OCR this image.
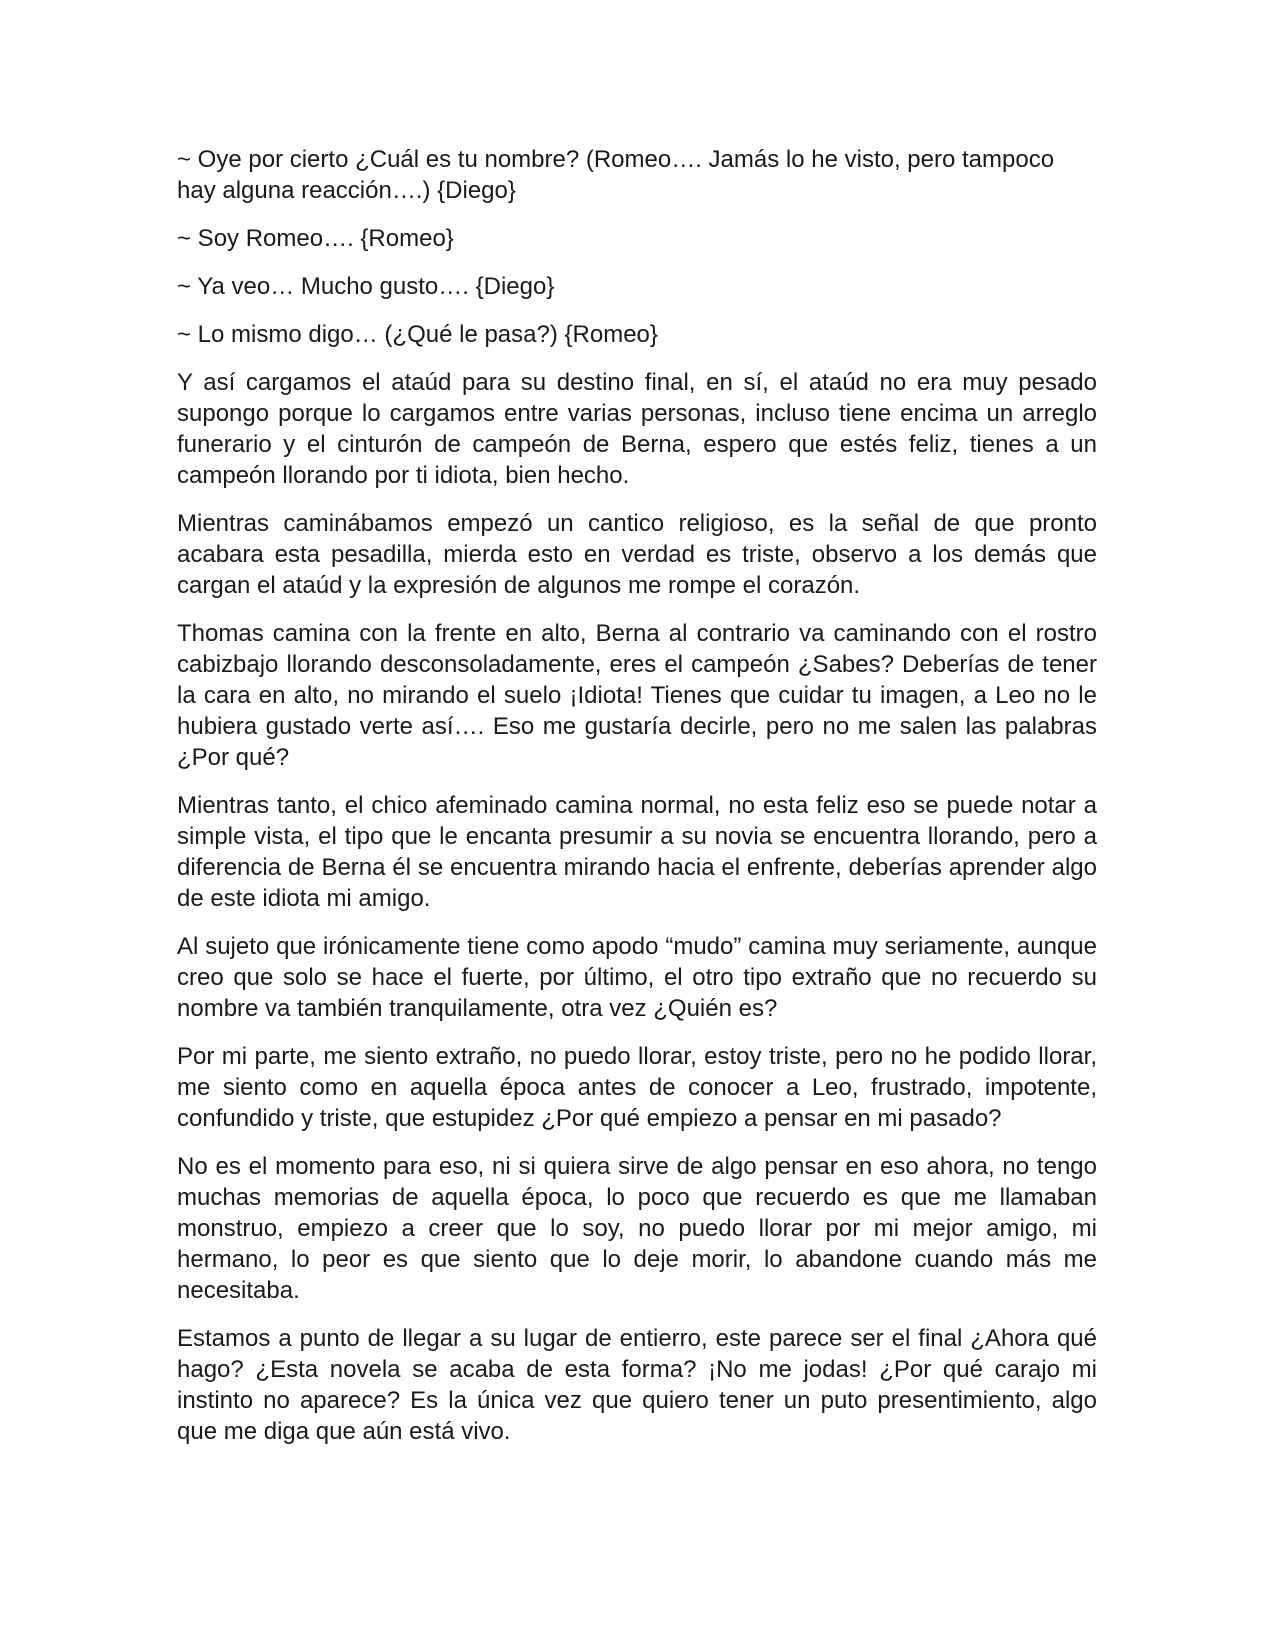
~ Oye por cierto ¿Cuál es tu nombre? (Romeo…. Jamás lo he visto, pero tampoco hay alguna reacción….) {Diego}

~ Soy Romeo…. {Romeo}

~ Ya veo… Mucho gusto…. {Diego}

~ Lo mismo digo… (¿Qué le pasa?) {Romeo}

Y así cargamos el ataúd para su destino final, en sí, el ataúd no era muy pesado supongo porque lo cargamos entre varias personas, incluso tiene encima un arreglo funerario y el cinturón de campeón de Berna, espero que estés feliz, tienes a un campeón llorando por ti idiota, bien hecho.

Mientras caminábamos empezó un cantico religioso, es la señal de que pronto acabara esta pesadilla, mierda esto en verdad es triste, observo a los demás que cargan el ataúd y la expresión de algunos me rompe el corazón.

Thomas camina con la frente en alto, Berna al contrario va caminando con el rostro cabizbajo llorando desconsoladamente, eres el campeón ¿Sabes? Deberías de tener la cara en alto, no mirando el suelo ¡Idiota! Tienes que cuidar tu imagen, a Leo no le hubiera gustado verte así…. Eso me gustaría decirle, pero no me salen las palabras ¿Por qué?

Mientras tanto, el chico afeminado camina normal, no esta feliz eso se puede notar a simple vista, el tipo que le encanta presumir a su novia se encuentra llorando, pero a diferencia de Berna él se encuentra mirando hacia el enfrente, deberías aprender algo de este idiota mi amigo.

Al sujeto que irónicamente tiene como apodo “mudo” camina muy seriamente, aunque creo que solo se hace el fuerte, por último, el otro tipo extraño que no recuerdo su nombre va también tranquilamente, otra vez ¿Quién es?

Por mi parte, me siento extraño, no puedo llorar, estoy triste, pero no he podido llorar, me siento como en aquella época antes de conocer a Leo, frustrado, impotente, confundido y triste, que estupidez ¿Por qué empiezo a pensar en mi pasado?

No es el momento para eso, ni si quiera sirve de algo pensar en eso ahora, no tengo muchas memorias de aquella época, lo poco que recuerdo es que me llamaban monstruo, empiezo a creer que lo soy, no puedo llorar por mi mejor amigo, mi hermano, lo peor es que siento que lo deje morir, lo abandone cuando más me necesitaba.

Estamos a punto de llegar a su lugar de entierro, este parece ser el final ¿Ahora qué hago? ¿Esta novela se acaba de esta forma? ¡No me jodas! ¿Por qué carajo mi instinto no aparece? Es la única vez que quiero tener un puto presentimiento, algo que me diga que aún está vivo.
